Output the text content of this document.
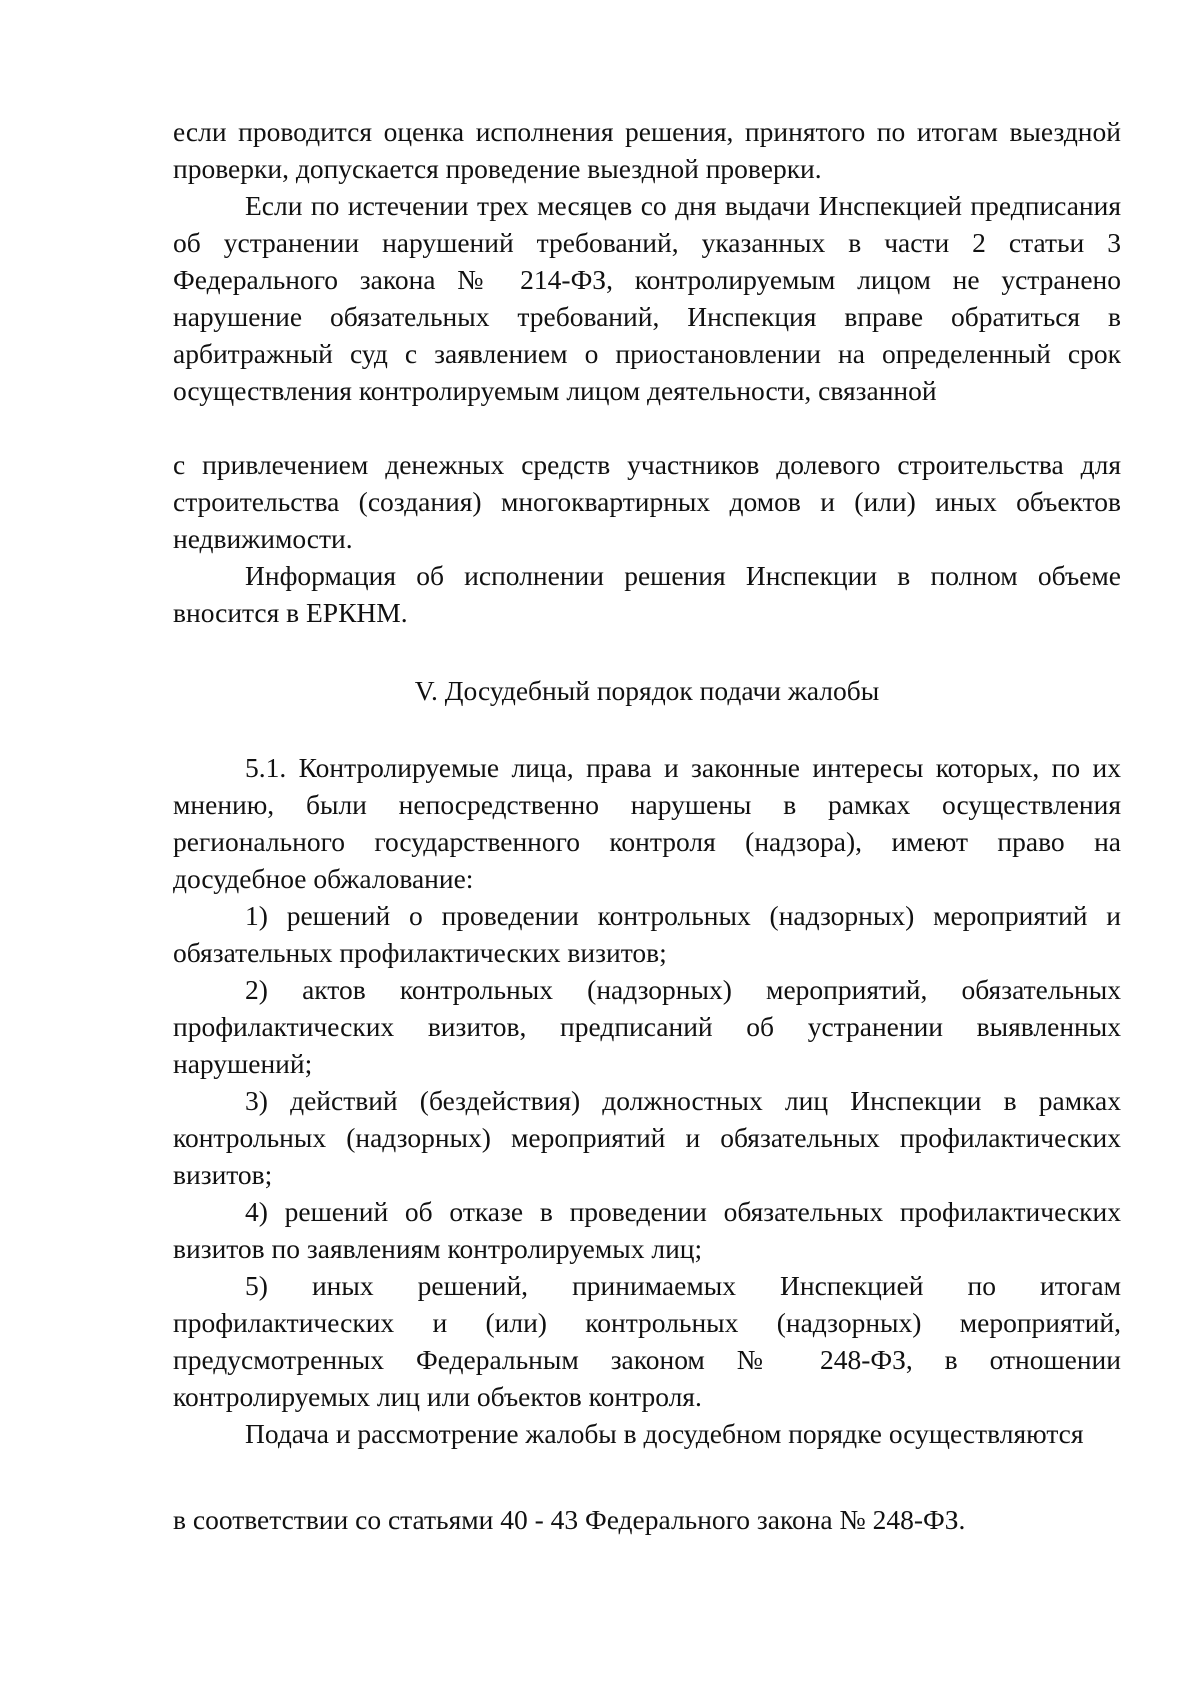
если проводится оценка исполнения решения, принятого по итогам выездной проверки, допускается проведение выездной проверки.

Если по истечении трех месяцев со дня выдачи Инспекцией предписания об устранении нарушений требований, указанных в части 2 статьи 3 Федерального закона № 214-ФЗ, контролируемым лицом не устранено нарушение обязательных требований, Инспекция вправе обратиться в арбитражный суд с заявлением о приостановлении на определенный срок осуществления контролируемым лицом деятельности, связанной

с привлечением денежных средств участников долевого строительства для строительства (создания) многоквартирных домов и (или) иных объектов недвижимости.

Информация об исполнении решения Инспекции в полном объеме вносится в ЕРКНМ.

V. Досудебный порядок подачи жалобы

5.1. Контролируемые лица, права и законные интересы которых, по их мнению, были непосредственно нарушены в рамках осуществления регионального государственного контроля (надзора), имеют право на досудебное обжалование:

1) решений о проведении контрольных (надзорных) мероприятий и обязательных профилактических визитов;

2) актов контрольных (надзорных) мероприятий, обязательных профилактических визитов, предписаний об устранении выявленных нарушений;

3) действий (бездействия) должностных лиц Инспекции в рамках контрольных (надзорных) мероприятий и обязательных профилактических визитов;

4) решений об отказе в проведении обязательных профилактических визитов по заявлениям контролируемых лиц;

5) иных решений, принимаемых Инспекцией по итогам профилактических и (или) контрольных (надзорных) мероприятий, предусмотренных Федеральным законом № 248-ФЗ, в отношении контролируемых лиц или объектов контроля.

Подача и рассмотрение жалобы в досудебном порядке осуществляются

в соответствии со статьями 40 - 43 Федерального закона № 248-ФЗ.
